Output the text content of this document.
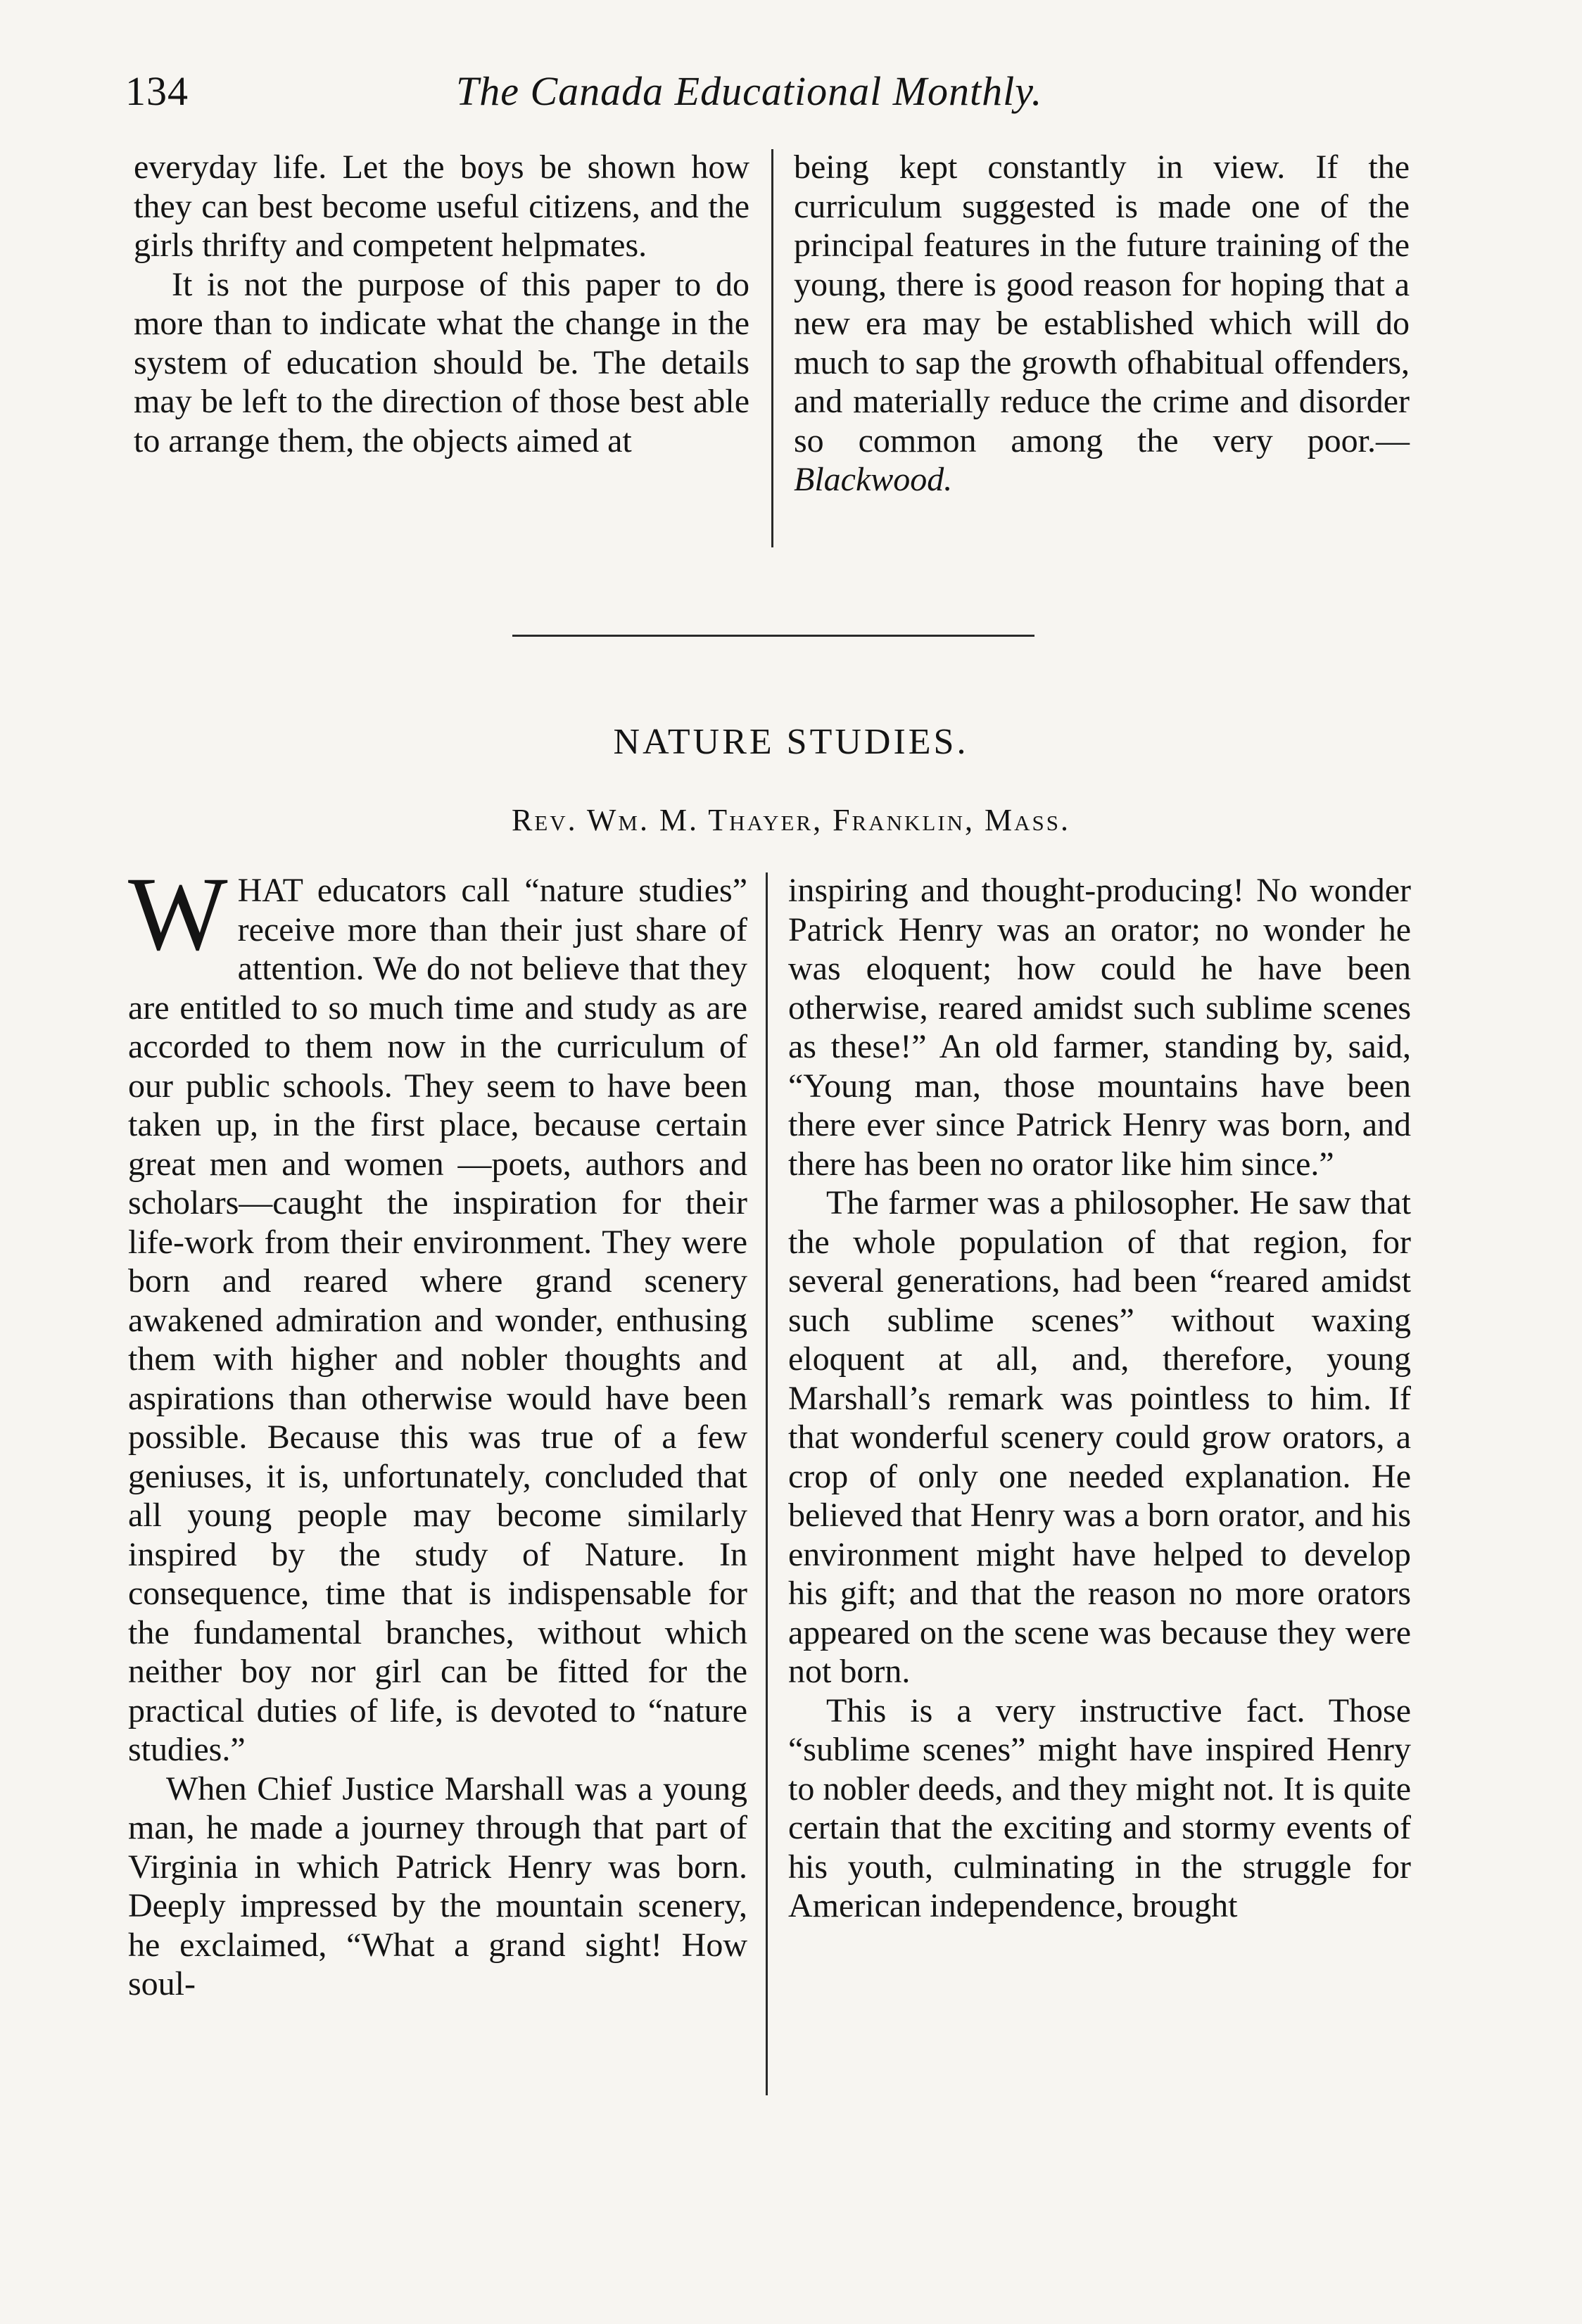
134	The Canada Educational Monthly.

everyday life. Let the boys be shown how they can best become useful citizens, and the girls thrifty and competent helpmates.

It is not the purpose of this paper to do more than to indicate what the change in the system of education should be. The details may be left to the direction of those best able to arrange them, the objects aimed at

being kept constantly in view. If the curriculum suggested is made one of the principal features in the future training of the young, there is good reason for hoping that a new era may be established which will do much to sap the growth ofhabitual offenders, and materially reduce the crime and disorder so common among the very poor.—Blackwood.

NATURE STUDIES.
Rev. Wm. M. Thayer, Franklin, Mass.

WHAT educators call “nature studies” receive more than their just share of attention. We do not believe that they are entitled to so much time and study as are accorded to them now in the curriculum of our public schools. They seem to have been taken up, in the first place, because certain great men and women —poets, authors and scholars—caught the inspiration for their life-work from their environment. They were born and reared where grand scenery awakened admiration and wonder, enthusing them with higher and nobler thoughts and aspirations than otherwise would have been possible. Because this was true of a few geniuses, it is, unfortunately, concluded that all young people may become similarly inspired by the study of Nature. In consequence, time that is indispensable for the fundamental branches, without which neither boy nor girl can be fitted for the practical duties of life, is devoted to “nature studies.”

When Chief Justice Marshall was a young man, he made a journey through that part of Virginia in which Patrick Henry was born. Deeply impressed by the mountain scenery, he exclaimed, “What a grand sight! How soul-

inspiring and thought-producing! No wonder Patrick Henry was an orator; no wonder he was eloquent; how could he have been otherwise, reared amidst such sublime scenes as these!” An old farmer, standing by, said, “Young man, those mountains have been there ever since Patrick Henry was born, and there has been no orator like him since.”

The farmer was a philosopher. He saw that the whole population of that region, for several generations, had been “reared amidst such sublime scenes” without waxing eloquent at all, and, therefore, young Marshall’s remark was pointless to him. If that wonderful scenery could grow orators, a crop of only one needed explanation. He believed that Henry was a born orator, and his environment might have helped to develop his gift; and that the reason no more orators appeared on the scene was because they were not born.

This is a very instructive fact. Those “sublime scenes” might have inspired Henry to nobler deeds, and they might not. It is quite certain that the exciting and stormy events of his youth, culminating in the struggle for American independence, brought
